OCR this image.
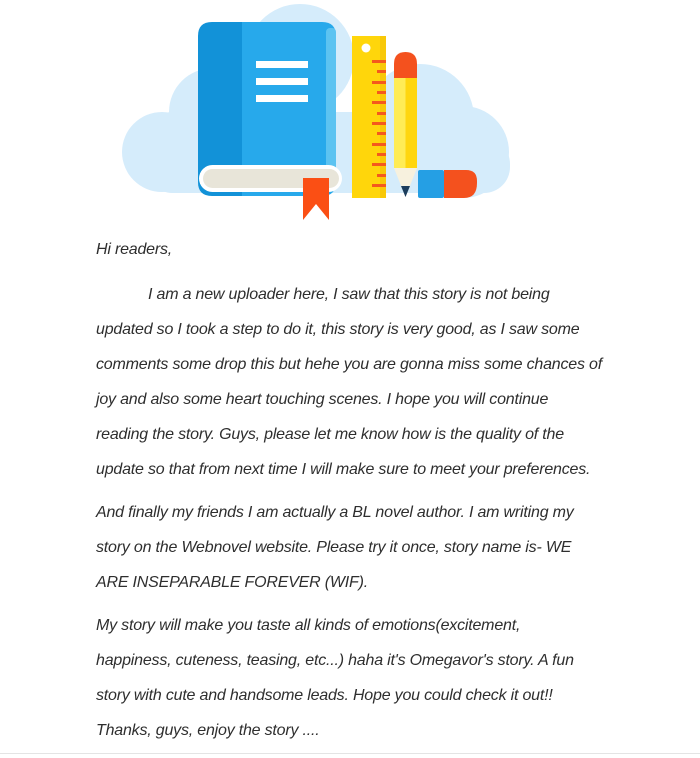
Hi readers,
I am a new uploader here, I saw that this story is not being
updated so I took a step to do it, this story is very good, as I saw some
comments some drop this but hehe you are gonna miss some chances of
joy and also some heart touching scenes. I hope you will continue
reading the story. Guys, please let me know how is the quality of the
update so that from next time I will make sure to meet your preferences.
And finally my friends I am actually a BL novel author. I am writing my
story on the Webnovel website. Please try it once, story name is- WE
ARE INSEPARABLE FOREVER (WIF).
My story will make you taste all kinds of emotions(excitement,
happiness, cuteness, teasing, etc...) haha it's Omegavor's story. A fun
story with cute and handsome leads. Hope you could check it out!!
Thanks, guys, enjoy the story ....
